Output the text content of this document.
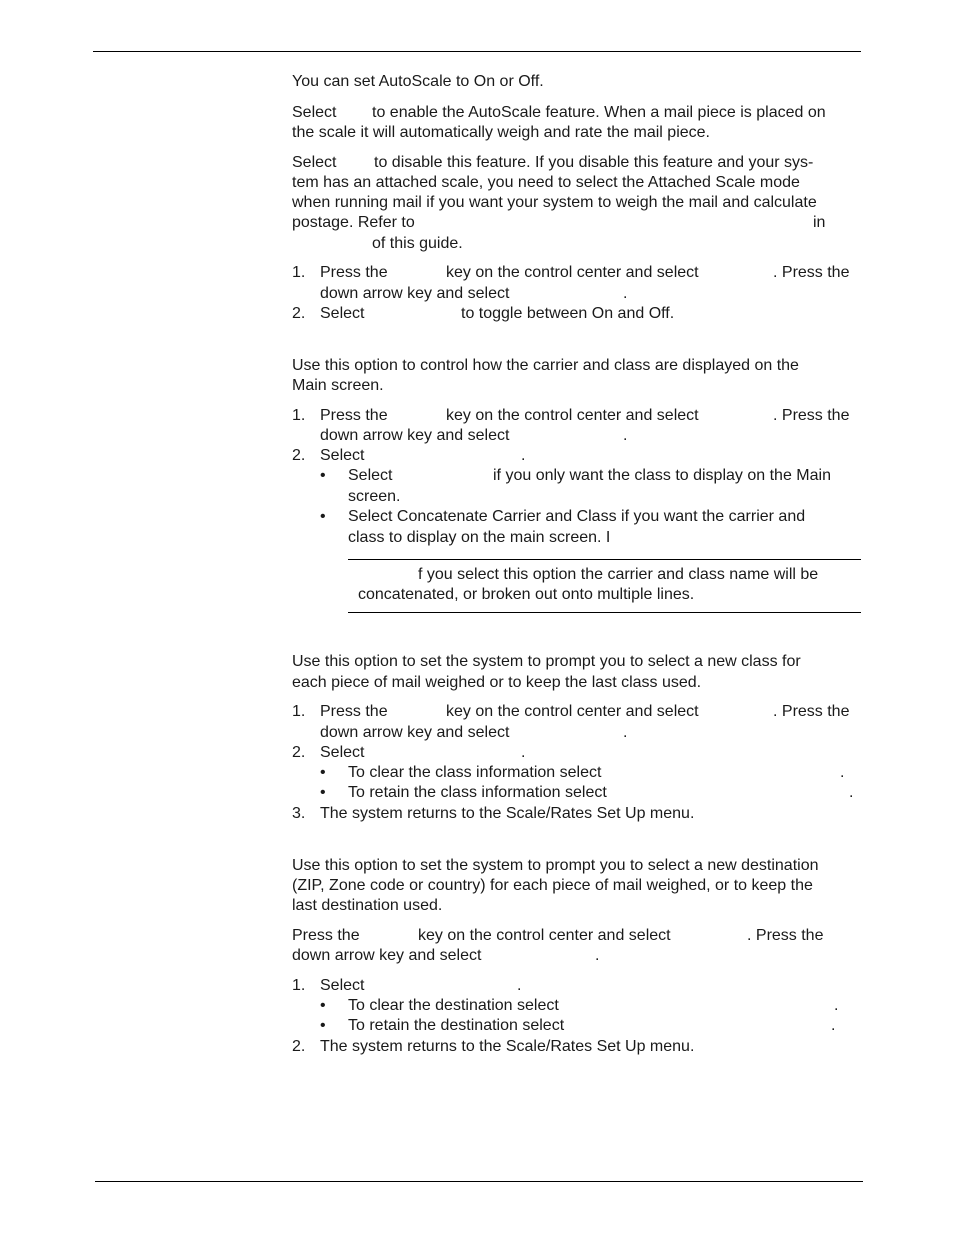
You can set AutoScale to On or Off.
Select to enable the AutoScale feature. When a mail piece is placed on
the scale it will automatically weigh and rate the mail piece.
Select to disable this feature. If you disable this feature and your sys-
tem has an attached scale, you need to select the Attached Scale mode
when running mail if you want your system to weigh the mail and calculate
postage. Refer to	in
of this guide.
1. Press the	key on the control center and select	. Press the
down arrow key and select	.
2. Select	to toggle between On and Off.
Use this option to control how the carrier and class are displayed on the
Main screen.
1. Press the	key on the control center and select	. Press the
down arrow key and select	.
2. Select	.
• Select	if you only want the class to display on the Main
screen.
• Select Concatenate Carrier and Class if you want the carrier and
class to display on the main screen. I
f you select this option the carrier and class name will be
concatenated, or broken out onto multiple lines.
Use this option to set the system to prompt you to select a new class for
each piece of mail weighed or to keep the last class used.
1. Press the	key on the control center and select	. Press the
down arrow key and select	.
2. Select	.
• To clear the class information select	.
• To retain the class information select	.
3. The system returns to the Scale/Rates Set Up menu.
Use this option to set the system to prompt you to select a new destination
(ZIP, Zone code or country) for each piece of mail weighed, or to keep the
last destination used.
Press the	key on the control center and select	. Press the
down arrow key and select	.
1. Select	.
• To clear the destination select	.
• To retain the destination select	.
2. The system returns to the Scale/Rates Set Up menu.
